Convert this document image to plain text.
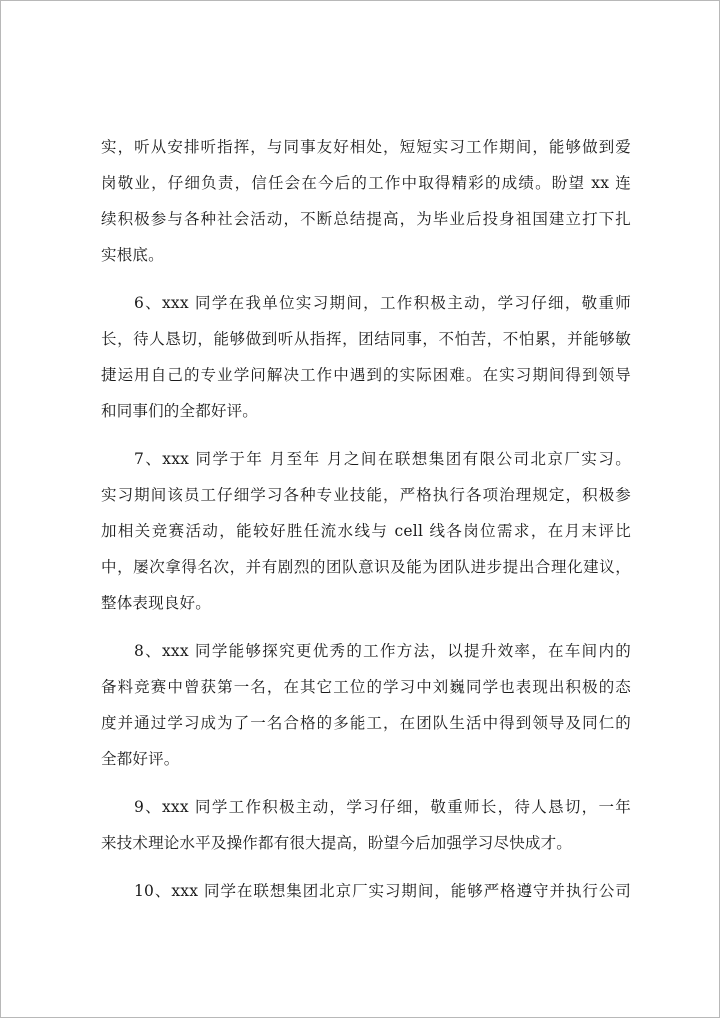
实，听从安排听指挥，与同事友好相处，短短实习工作期间，能够做到爱
岗敬业，仔细负责，信任会在今后的工作中取得精彩的成绩。盼望 xx 连
续积极参与各种社会活动，不断总结提高，为毕业后投身祖国建立打下扎
实根底。
6、xxx 同学在我单位实习期间，工作积极主动，学习仔细，敬重师
长，待人恳切，能够做到听从指挥，团结同事，不怕苦，不怕累，并能够敏
捷运用自己的专业学问解决工作中遇到的实际困难。在实习期间得到领导
和同事们的全都好评。
7、xxx 同学于年 月至年 月之间在联想集团有限公司北京厂实习。
实习期间该员工仔细学习各种专业技能，严格执行各项治理规定，积极参
加相关竞赛活动，能较好胜任流水线与 cell 线各岗位需求，在月末评比
中，屡次拿得名次，并有剧烈的团队意识及能为团队进步提出合理化建议，
整体表现良好。
8、xxx 同学能够探究更优秀的工作方法，以提升效率，在车间内的
备料竞赛中曾获第一名，在其它工位的学习中刘巍同学也表现出积极的态
度并通过学习成为了一名合格的多能工，在团队生活中得到领导及同仁的
全都好评。
9、xxx 同学工作积极主动，学习仔细，敬重师长，待人恳切，一年
来技术理论水平及操作都有很大提高，盼望今后加强学习尽快成才。
10、xxx 同学在联想集团北京厂实习期间，能够严格遵守并执行公司
